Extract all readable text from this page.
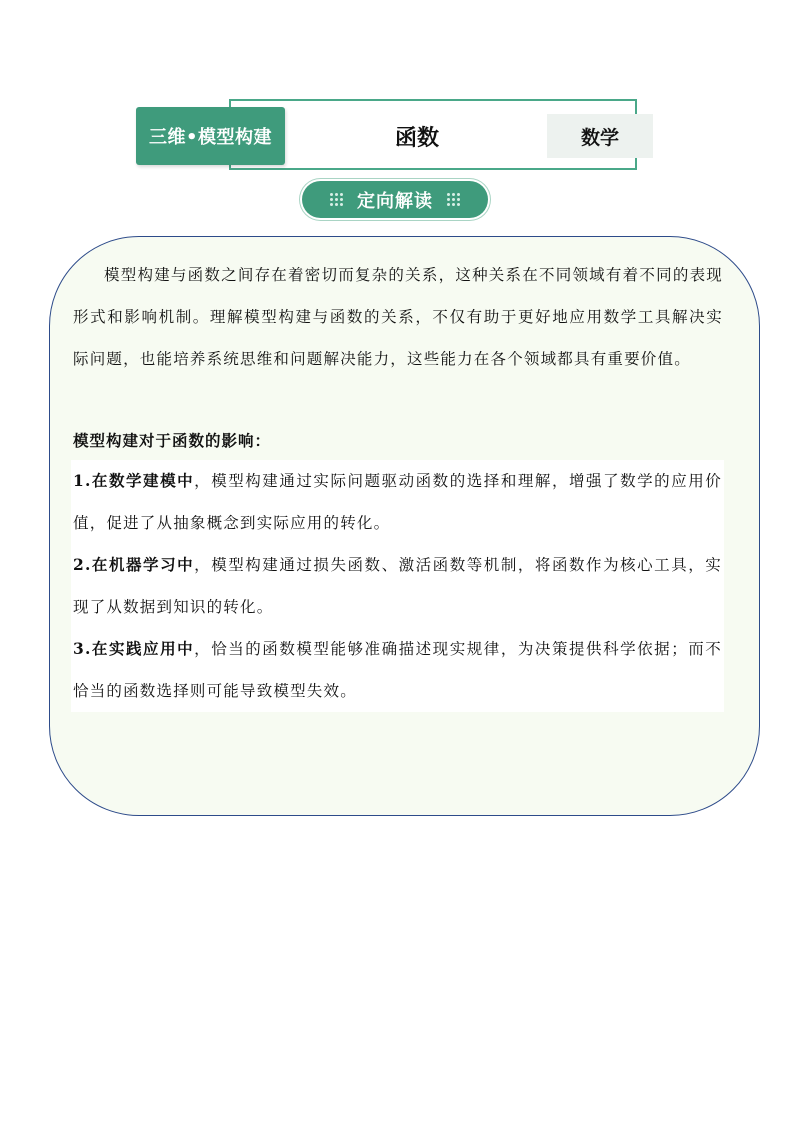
三维•模型构建	函数	数学
定向解读

模型构建与函数之间存在着密切而复杂的关系，这种关系在不同领域有着不同的表现形式和影响机制。理解模型构建与函数的关系，不仅有助于更好地应用数学工具解决实际问题，也能培养系统思维和问题解决能力，这些能力在各个领域都具有重要价值。

模型构建对于函数的影响：

1.在数学建模中，模型构建通过实际问题驱动函数的选择和理解，增强了数学的应用价值，促进了从抽象概念到实际应用的转化。

2.在机器学习中，模型构建通过损失函数、激活函数等机制，将函数作为核心工具，实现了从数据到知识的转化。

3.在实践应用中，恰当的函数模型能够准确描述现实规律，为决策提供科学依据；而不恰当的函数选择则可能导致模型失效。
